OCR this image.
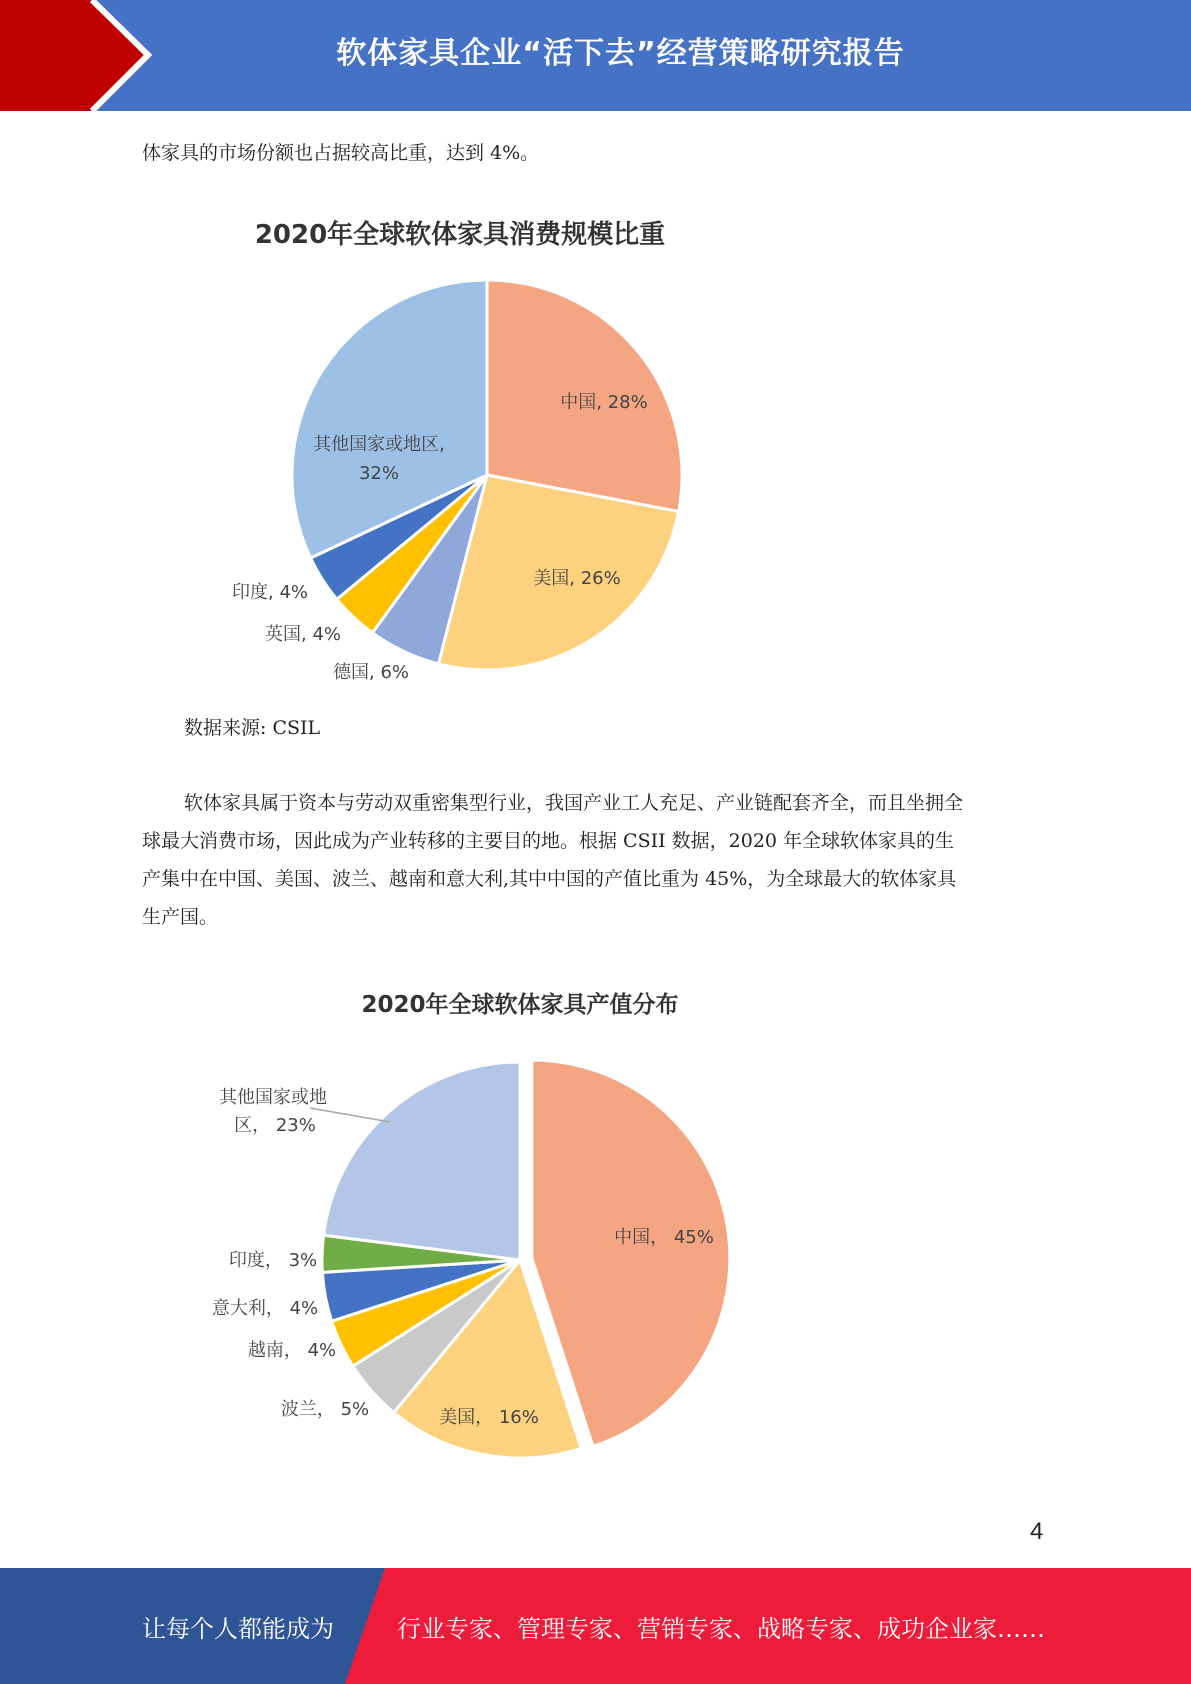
软体家具企业“活下去”经营策略研究报告
体家具的市场份额也占据较高比重，达到 4%。
2020年全球软体家具消费规模比重
中国, 28%
美国, 26%
德国, 6%
英国, 4%
印度, 4%
其他国家或地区,
32%
数据来源: CSIL
软体家具属于资本与劳动双重密集型行业，我国产业工人充足、产业链配套齐全，而且坐拥全
球最大消费市场，因此成为产业转移的主要目的地。根据 CSII 数据，2020 年全球软体家具的生
产集中在中国、美国、波兰、越南和意大利,其中中国的产值比重为 45%，为全球最大的软体家具
生产国。
2020年全球软体家具产值分布
中国， 45%
美国， 16%
波兰， 5%
越南， 4%
意大利， 4%
印度， 3%
其他国家或地
区， 23%
4
让每个人都能成为	行业专家、管理专家、营销专家、战略专家、成功企业家……
